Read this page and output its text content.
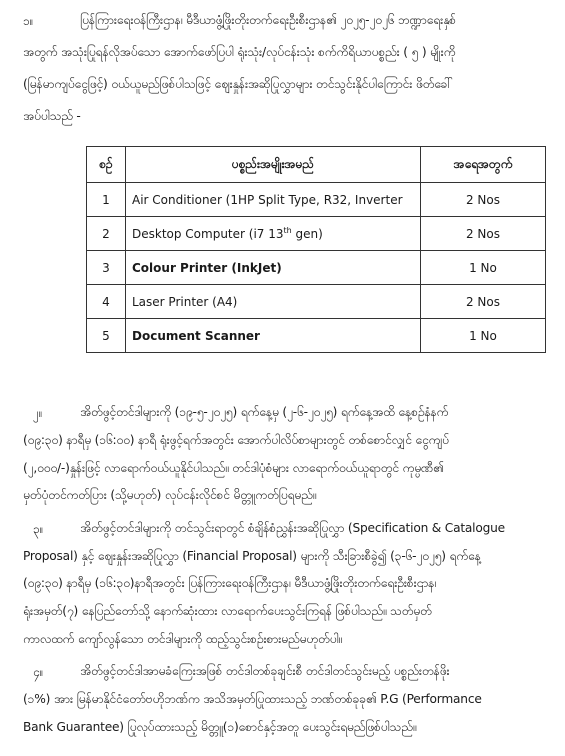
၁။	ပြန်ကြားရေးဝန်ကြီးဌာန၊ မီဒီယာဖွံ့ဖြိုးတိုးတက်ရေးဦးစီးဌာန၏ ၂၀၂၅-၂၀၂၆ ဘဏ္ဍာရေးနှစ်
အတွက် အသုံးပြုရန်လိုအပ်သော အောက်ဖော်ပြပါ ရုံးသုံး/လုပ်ငန်းသုံး စက်ကိရိယာပစ္စည်း ( ၅ ) မျိုးကို
(မြန်မာကျပ်ငွေဖြင့်) ဝယ်ယူမည်ဖြစ်ပါသဖြင့် ဈေးနှုန်းအဆိုပြုလွှာများ တင်သွင်းနိုင်ပါကြောင်း ဖိတ်ခေါ်
အပ်ပါသည် -
စဉ်	ပစ္စည်းအမျိုးအမည်	အရေအတွက်
1	Air Conditioner (1HP Split Type, R32, Inverter	2 Nos
2	Desktop Computer (i7 13th gen)	2 Nos
3	Colour Printer (InkJet)	1 No
4	Laser Printer (A4)	2 Nos
5	Document Scanner	1 No
၂။	အိတ်ဖွင့်တင်ဒါများကို (၁၉-၅-၂၀၂၅) ရက်နေ့မှ (၂-၆-၂၀၂၅) ရက်နေ့အထိ နေ့စဉ်နံနက်
(၀၉:၃၀) နာရီမှ (၁၆:၀၀) နာရီ ရုံးဖွင့်ရက်အတွင်း အောက်ပါလိပ်စာများတွင် တစ်စောင်လျှင် ငွေကျပ်
(၂,၀၀၀/-)နှုန်းဖြင့် လာရောက်ဝယ်ယူနိုင်ပါသည်။ တင်ဒါပုံစံများ လာရောက်ဝယ်ယူရာတွင် ကုမ္ပဏီ၏
မှတ်ပုံတင်ကတ်ပြား (သို့မဟုတ်) လုပ်ငန်းလိုင်စင် မိတ္တူကတ်ပြရမည်။
၃။	အိတ်ဖွင့်တင်ဒါများကို တင်သွင်းရာတွင် စံချိန်စံညွှန်းအဆိုပြုလွှာ (Specification & Catalogue
Proposal) နှင့် ဈေးနှုန်းအဆိုပြုလွှာ (Financial Proposal) များကို သီးခြားစီခွဲ၍ (၃-၆-၂၀၂၅) ရက်နေ့
(၀၉:၃၀) နာရီမှ (၁၆:၃၀)နာရီအတွင်း ပြန်ကြားရေးဝန်ကြီးဌာန၊ မီဒီယာဖွံ့ဖြိုးတိုးတက်ရေးဦးစီးဌာန၊
ရုံးအမှတ်(၇) နေပြည်တော်သို့ နောက်ဆုံးထား လာရောက်ပေးသွင်းကြရန် ဖြစ်ပါသည်။ သတ်မှတ်
ကာလထက် ကျော်လွန်သော တင်ဒါများကို ထည့်သွင်းစဉ်းစားမည်မဟုတ်ပါ။
၄။	အိတ်ဖွင့်တင်ဒါအာမခံကြေးအဖြစ် တင်ဒါတစ်ခုချင်းစီ တင်ဒါတင်သွင်းမည့် ပစ္စည်းတန်ဖိုး
(၁%) အား မြန်မာနိုင်ငံတော်ဗဟိုဘဏ်က အသိအမှတ်ပြုထားသည့် ဘဏ်တစ်ခုခု၏ P.G (Performance
Bank Guarantee) ပြုလုပ်ထားသည့် မိတ္တူ(၁)စောင်နှင့်အတူ ပေးသွင်းရမည်ဖြစ်ပါသည်။
